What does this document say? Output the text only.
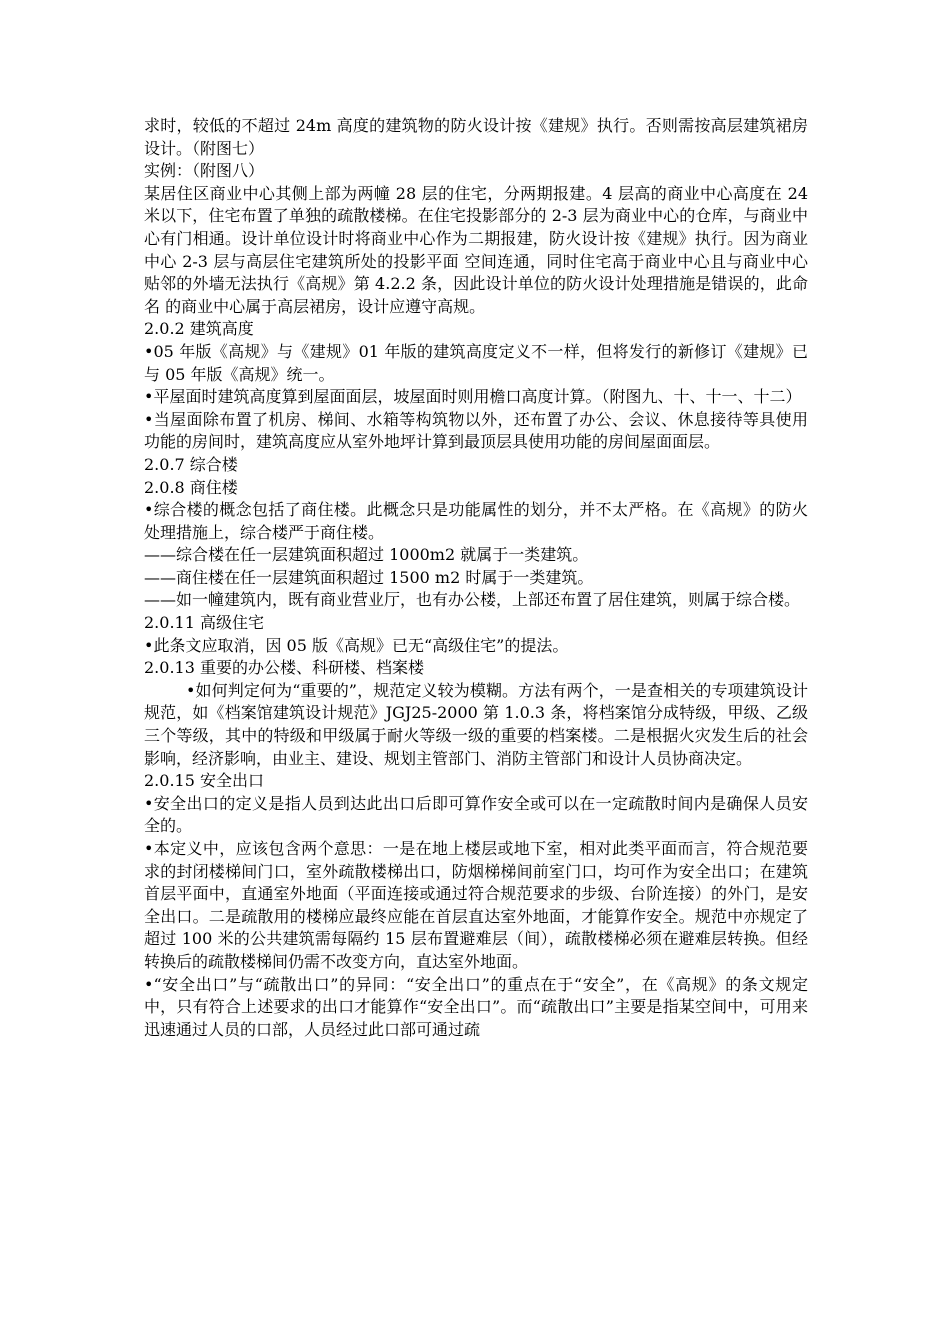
求时，较低的不超过 24m 高度的建筑物的防火设计按《建规》执行。否则需按高层建筑裙房设计。（附图七）

实例：（附图八）

某居住区商业中心其侧上部为两幢 28 层的住宅，分两期报建。4 层高的商业中心高度在 24 米以下，住宅布置了单独的疏散楼梯。在住宅投影部分的 2-3 层为商业中心的仓库，与商业中心有门相通。设计单位设计时将商业中心作为二期报建，防火设计按《建规》执行。因为商业中心 2-3 层与高层住宅建筑所处的投影平面 空间连通，同时住宅高于商业中心且与商业中心贴邻的外墙无法执行《高规》第 4.2.2 条，因此设计单位的防火设计处理措施是错误的，此命名 的商业中心属于高层裙房，设计应遵守高规。

2.0.2 建筑高度

•05 年版《高规》与《建规》01 年版的建筑高度定义不一样，但将发行的新修订《建规》已与 05 年版《高规》统一。

•平屋面时建筑高度算到屋面面层，坡屋面时则用檐口高度计算。（附图九、十、十一、十二）

•当屋面除布置了机房、梯间、水箱等构筑物以外，还布置了办公、会议、休息接待等具使用功能的房间时，建筑高度应从室外地坪计算到最顶层具使用功能的房间屋面面层。

2.0.7 综合楼

2.0.8 商住楼

•综合楼的概念包括了商住楼。此概念只是功能属性的划分，并不太严格。在《高规》的防火处理措施上，综合楼严于商住楼。

——综合楼在任一层建筑面积超过 1000m2 就属于一类建筑。

——商住楼在任一层建筑面积超过 1500 m2 时属于一类建筑。

——如一幢建筑内，既有商业营业厅，也有办公楼，上部还布置了居住建筑，则属于综合楼。

2.0.11 高级住宅

•此条文应取消，因 05 版《高规》已无“高级住宅”的提法。

2.0.13 重要的办公楼、科研楼、档案楼

•如何判定何为“重要的”，规范定义较为模糊。方法有两个，一是查相关的专项建筑设计规范，如《档案馆建筑设计规范》JGJ25-2000 第 1.0.3 条，将档案馆分成特级，甲级、乙级三个等级，其中的特级和甲级属于耐火等级一级的重要的档案楼。二是根据火灾发生后的社会影响，经济影响，由业主、建设、规划主管部门、消防主管部门和设计人员协商决定。

2.0.15 安全出口

•安全出口的定义是指人员到达此出口后即可算作安全或可以在一定疏散时间内是确保人员安全的。

•本定义中，应该包含两个意思：一是在地上楼层或地下室，相对此类平面而言，符合规范要求的封闭楼梯间门口，室外疏散楼梯出口，防烟梯梯间前室门口，均可作为安全出口；在建筑首层平面中，直通室外地面（平面连接或通过符合规范要求的步级、台阶连接）的外门，是安全出口。二是疏散用的楼梯应最终应能在首层直达室外地面，才能算作安全。规范中亦规定了超过 100 米的公共建筑需每隔约 15 层布置避难层（间），疏散楼梯必须在避难层转换。但经转换后的疏散楼梯间仍需不改变方向，直达室外地面。

•“安全出口”与“疏散出口”的异同：“安全出口”的重点在于“安全”，在《高规》的条文规定中，只有符合上述要求的出口才能算作“安全出口”。而“疏散出口”主要是指某空间中，可用来迅速通过人员的口部，人员经过此口部可通过疏
